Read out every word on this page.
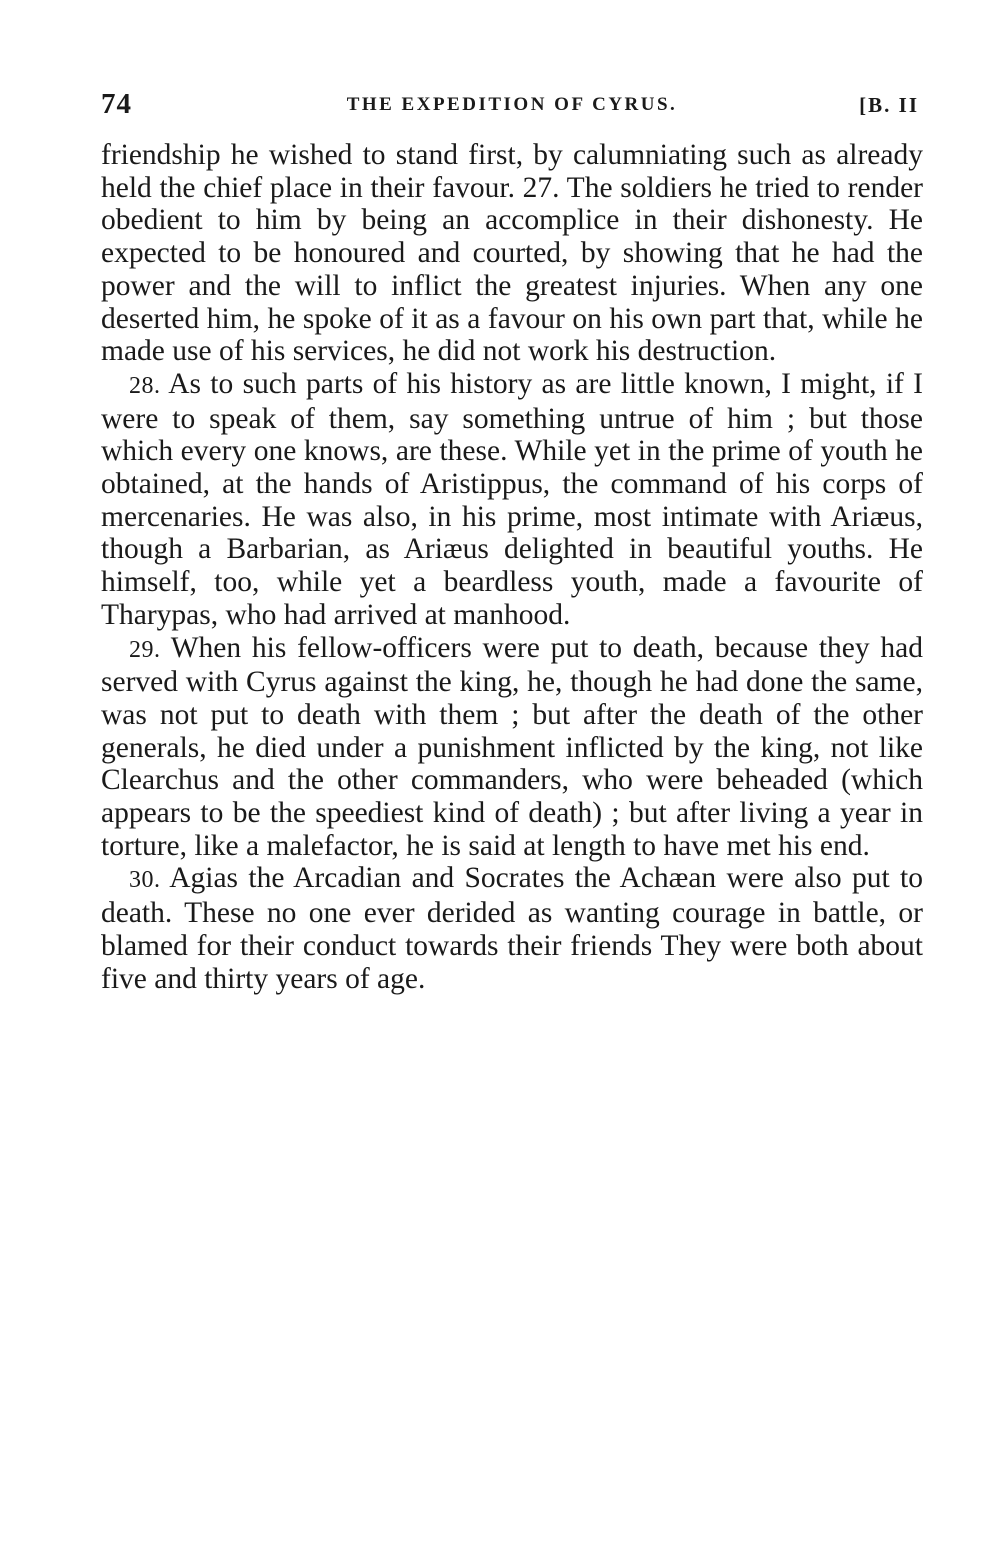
74	THE EXPEDITION OF CYRUS.	[B. II

friendship he wished to stand first, by calumniating such as already held the chief place in their favour. 27. The soldiers he tried to render obedient to him by being an accomplice in their dishonesty. He expected to be honoured and courted, by showing that he had the power and the will to inflict the greatest injuries. When any one deserted him, he spoke of it as a favour on his own part that, while he made use of his services, he did not work his destruction.

28. As to such parts of his history as are little known, I might, if I were to speak of them, say something untrue of him ; but those which every one knows, are these. While yet in the prime of youth he obtained, at the hands of Aristippus, the command of his corps of mercenaries. He was also, in his prime, most intimate with Ariæus, though a Barbarian, as Ariæus delighted in beautiful youths. He himself, too, while yet a beardless youth, made a favourite of Tharypas, who had arrived at manhood.

29. When his fellow-officers were put to death, because they had served with Cyrus against the king, he, though he had done the same, was not put to death with them ; but after the death of the other generals, he died under a punishment inflicted by the king, not like Clearchus and the other commanders, who were beheaded (which appears to be the speediest kind of death) ; but after living a year in torture, like a malefactor, he is said at length to have met his end.

30. Agias the Arcadian and Socrates the Achæan were also put to death. These no one ever derided as wanting courage in battle, or blamed for their conduct towards their friends They were both about five and thirty years of age.
